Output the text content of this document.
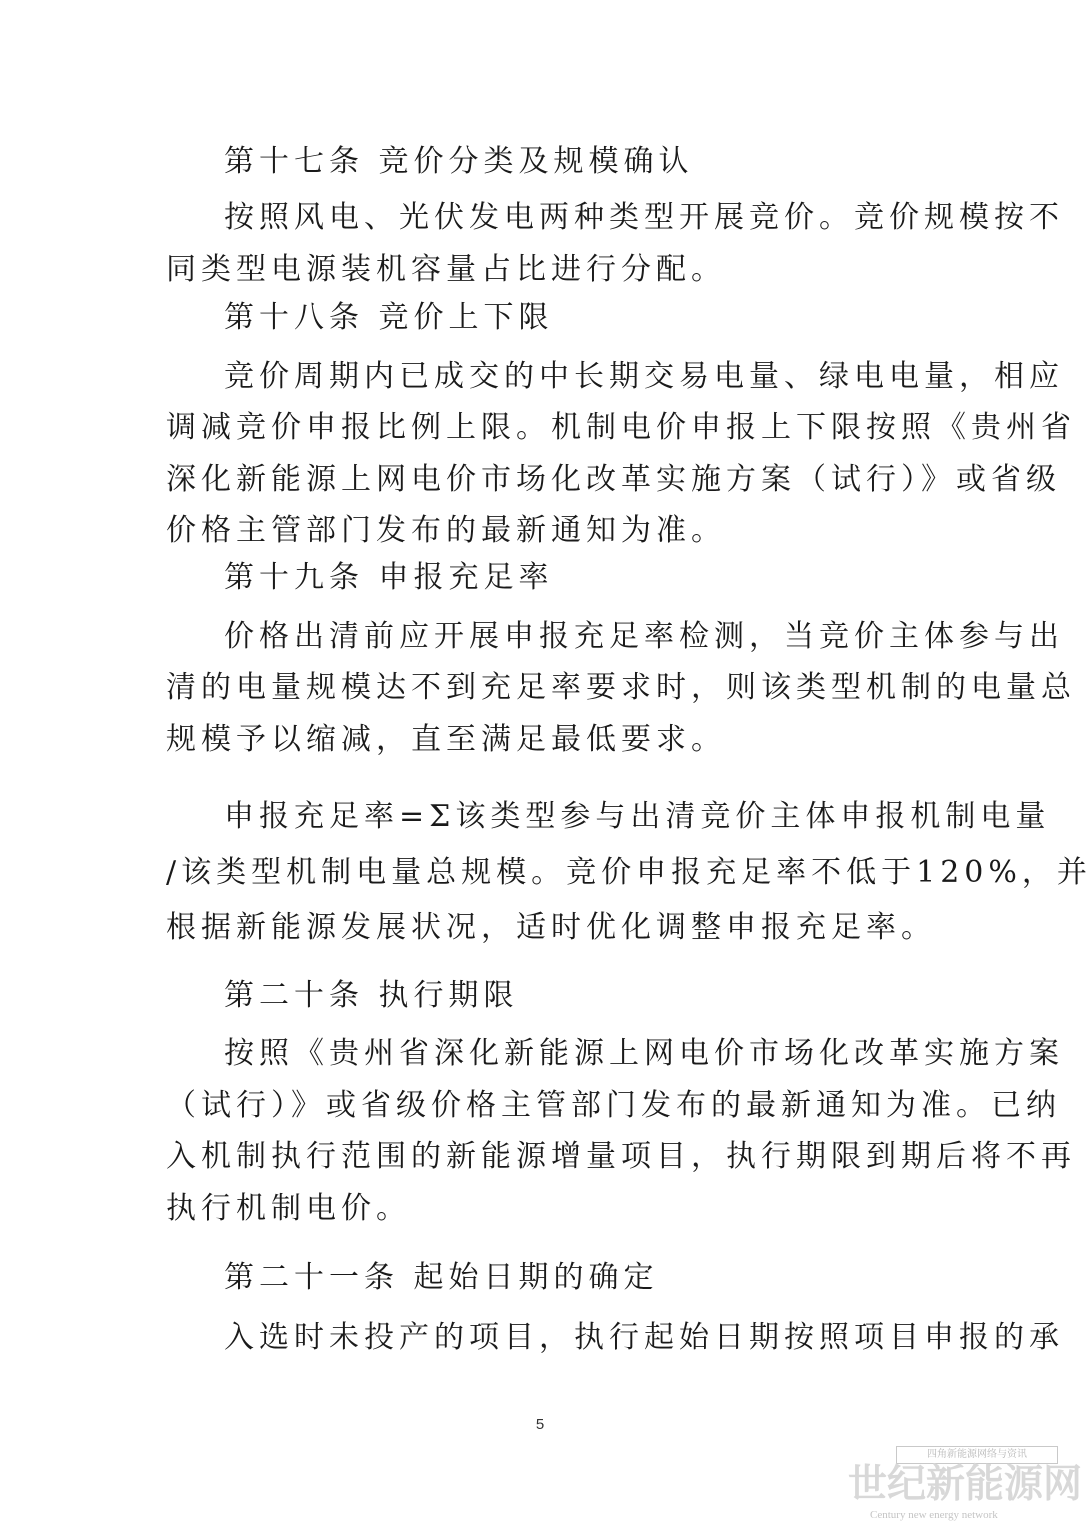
第十七条 竞价分类及规模确认
按照风电、光伏发电两种类型开展竞价。竞价规模按不
同类型电源装机容量占比进行分配。
第十八条 竞价上下限
竞价周期内已成交的中长期交易电量、绿电电量，相应
调减竞价申报比例上限。机制电价申报上下限按照《贵州省
深化新能源上网电价市场化改革实施方案（试行）》或省级
价格主管部门发布的最新通知为准。
第十九条 申报充足率
价格出清前应开展申报充足率检测，当竞价主体参与出
清的电量规模达不到充足率要求时，则该类型机制的电量总
规模予以缩减，直至满足最低要求。
申报充足率=Σ该类型参与出清竞价主体申报机制电量
/该类型机制电量总规模。竞价申报充足率不低于120%，并
根据新能源发展状况，适时优化调整申报充足率。
第二十条 执行期限
按照《贵州省深化新能源上网电价市场化改革实施方案
（试行）》或省级价格主管部门发布的最新通知为准。已纳
入机制执行范围的新能源增量项目，执行期限到期后将不再
执行机制电价。
第二十一条 起始日期的确定
入选时未投产的项目，执行起始日期按照项目申报的承
5
四角新能源网络与资讯
世纪新能源网
Century new energy network
